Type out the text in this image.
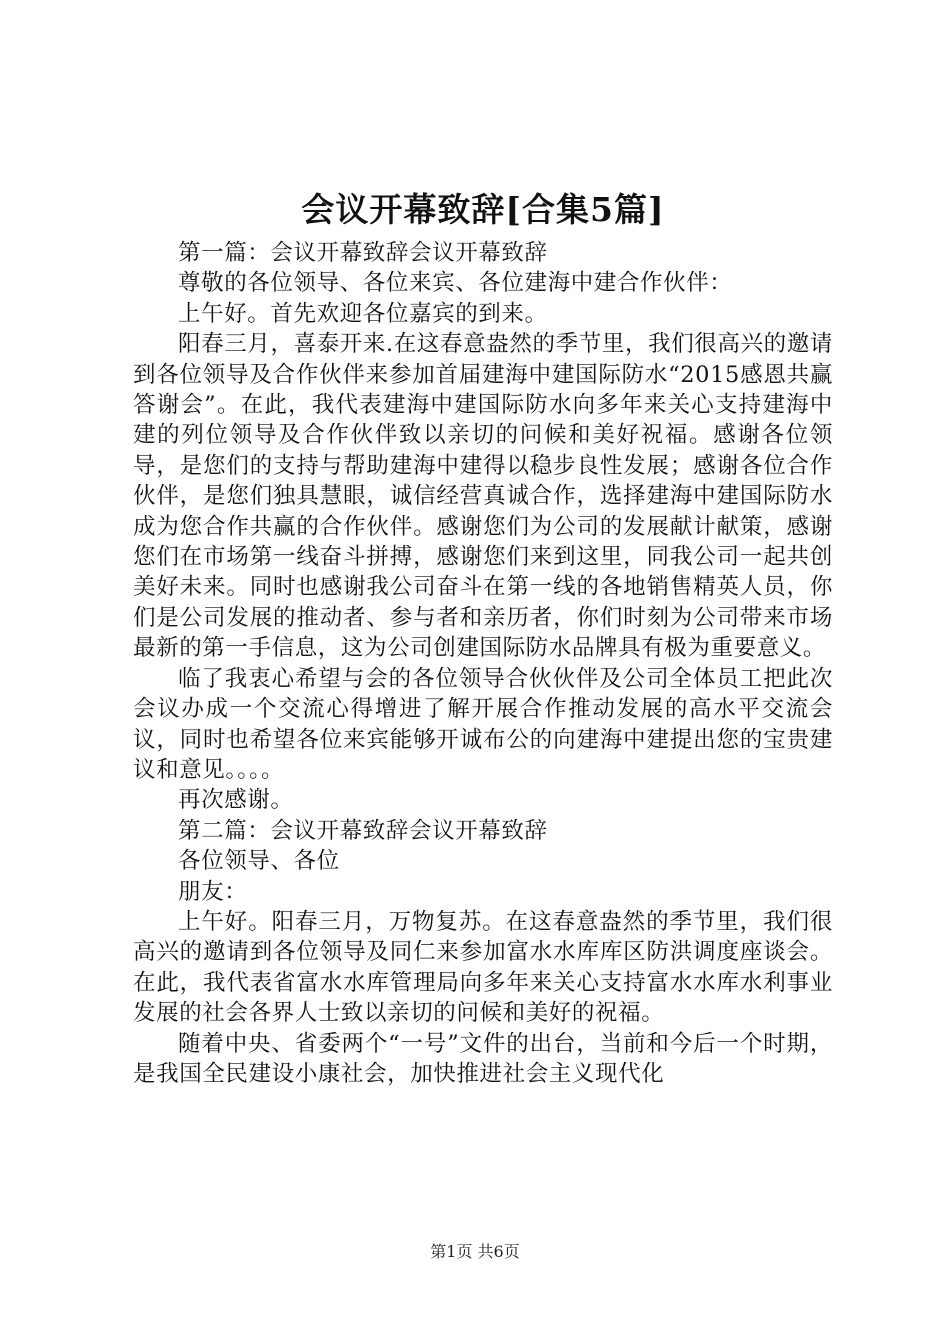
会议开幕致辞[合集5篇]

第一篇：会议开幕致辞会议开幕致辞

尊敬的各位领导、各位来宾、各位建海中建合作伙伴：

上午好。首先欢迎各位嘉宾的到来。

阳春三月，喜泰开来.在这春意盎然的季节里，我们很高兴的邀请到各位领导及合作伙伴来参加首届建海中建国际防水“2015感恩共赢答谢会”。在此，我代表建海中建国际防水向多年来关心支持建海中建的列位领导及合作伙伴致以亲切的问候和美好祝福。感谢各位领导，是您们的支持与帮助建海中建得以稳步良性发展；感谢各位合作伙伴，是您们独具慧眼，诚信经营真诚合作，选择建海中建国际防水成为您合作共赢的合作伙伴。感谢您们为公司的发展献计献策，感谢您们在市场第一线奋斗拼搏，感谢您们来到这里，同我公司一起共创美好未来。同时也感谢我公司奋斗在第一线的各地销售精英人员，你们是公司发展的推动者、参与者和亲历者，你们时刻为公司带来市场最新的第一手信息，这为公司创建国际防水品牌具有极为重要意义。

临了我衷心希望与会的各位领导合伙伙伴及公司全体员工把此次会议办成一个交流心得增进了解开展合作推动发展的高水平交流会议，同时也希望各位来宾能够开诚布公的向建海中建提出您的宝贵建议和意见。。。。

再次感谢。

第二篇：会议开幕致辞会议开幕致辞

各位领导、各位

朋友：

上午好。阳春三月，万物复苏。在这春意盎然的季节里，我们很高兴的邀请到各位领导及同仁来参加富水水库库区防洪调度座谈会。在此，我代表省富水水库管理局向多年来关心支持富水水库水利事业发展的社会各界人士致以亲切的问候和美好的祝福。

随着中央、省委两个“一号”文件的出台，当前和今后一个时期，是我国全民建设小康社会，加快推进社会主义现代化

第1页 共6页
